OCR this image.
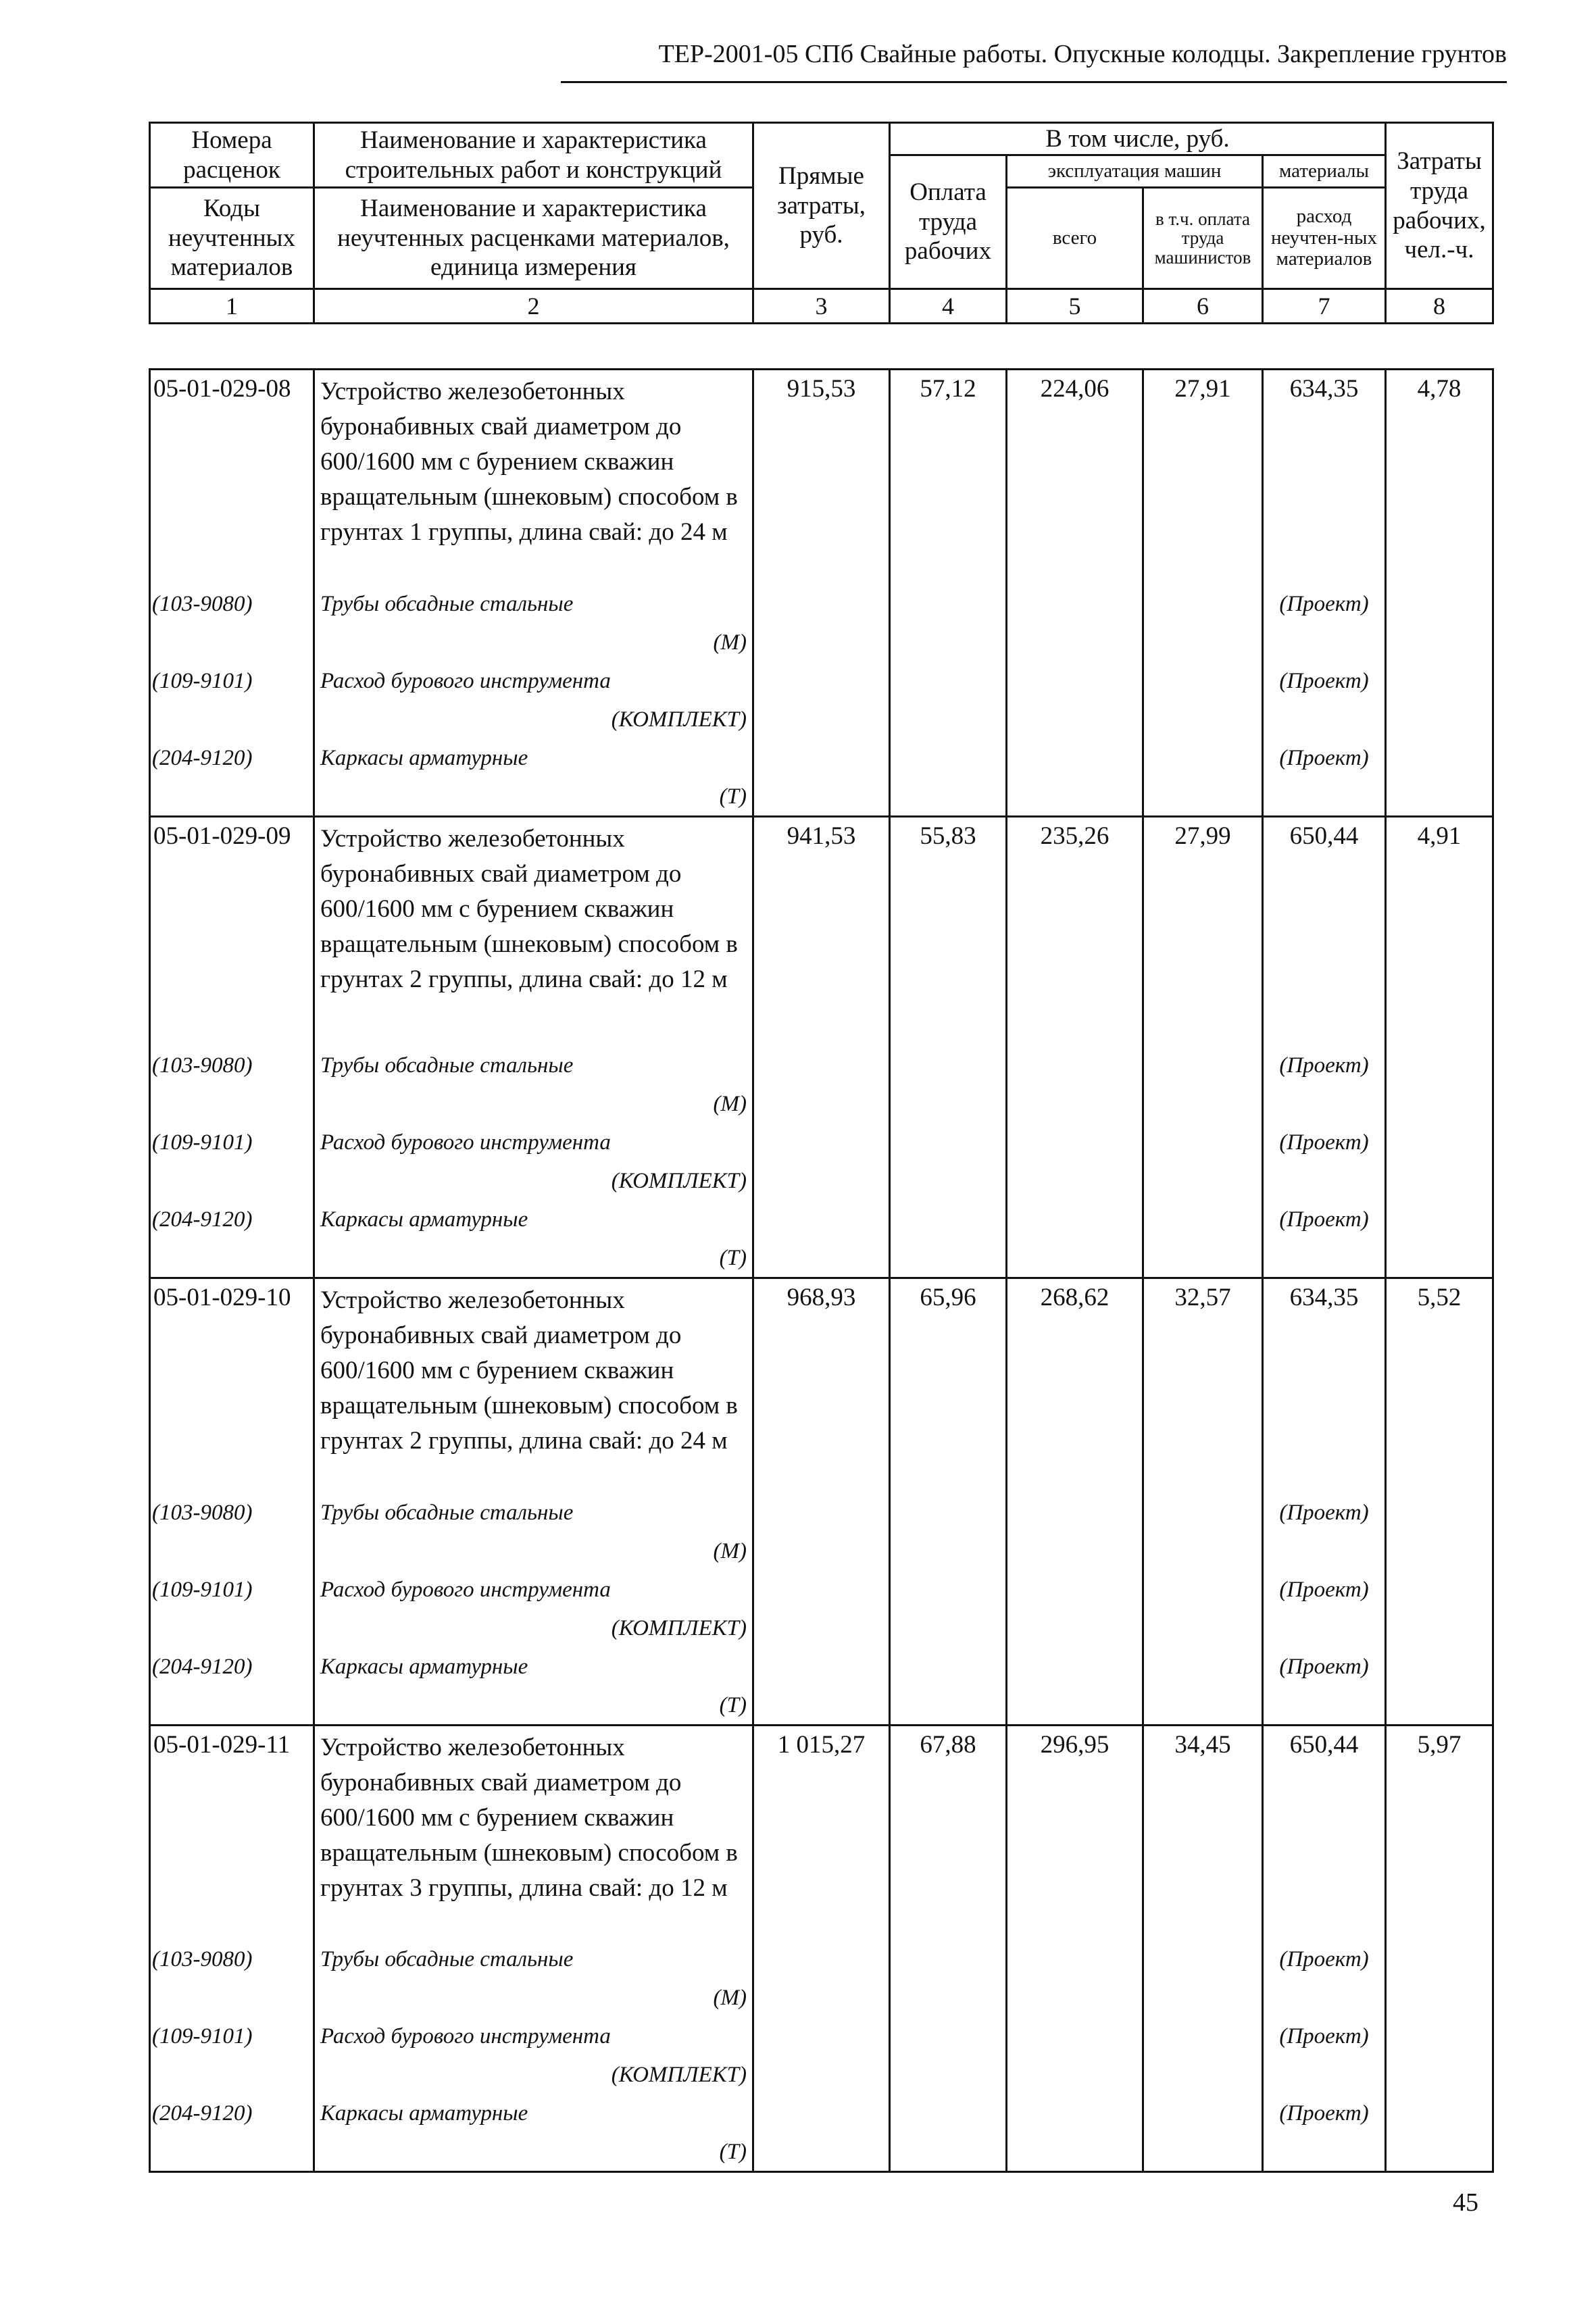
ТЕР-2001-05 СПб Свайные работы. Опускные колодцы. Закрепление грунтов
Номера расценок	Наименование и характеристика строительных работ и конструкций	Прямые затраты, руб.	В том числе, руб.				Затраты труда рабочих, чел.-ч.
			Оплата труда рабочих	эксплуатация машин		материалы	
Коды неучтенных материалов	Наименование и характеристика неучтенных расценками материалов, единица измерения			всего	в т.ч. оплата труда машинистов	расход неучтен-ных материалов	

1	2	3	4	5	6	7	8
05-01-029-08	Устройство железобетонных буронабивных свай диаметром до 600/1600 мм с бурением скважин вращательным (шнековым) способом в грунтах 1 группы, длина свай: до 24 м	915,53	57,12	224,06	27,91	634,35	4,78

(103-9080)	Трубы обсадные стальные
(М)					(Проект)	

(109-9101)	Расход бурового инструмента
(КОМПЛЕКТ)					(Проект)	

(204-9120)	Каркасы арматурные
(Т)					(Проект)	

05-01-029-09	Устройство железобетонных буронабивных свай диаметром до 600/1600 мм с бурением скважин вращательным (шнековым) способом в грунтах 2 группы, длина свай: до 12 м	941,53	55,83	235,26	27,99	650,44	4,91

(103-9080)	Трубы обсадные стальные
(М)					(Проект)	

(109-9101)	Расход бурового инструмента
(КОМПЛЕКТ)					(Проект)	

(204-9120)	Каркасы арматурные
(Т)					(Проект)	

05-01-029-10	Устройство железобетонных буронабивных свай диаметром до 600/1600 мм с бурением скважин вращательным (шнековым) способом в грунтах 2 группы, длина свай: до 24 м	968,93	65,96	268,62	32,57	634,35	5,52

(103-9080)	Трубы обсадные стальные
(М)					(Проект)	

(109-9101)	Расход бурового инструмента
(КОМПЛЕКТ)					(Проект)	

(204-9120)	Каркасы арматурные
(Т)					(Проект)	

05-01-029-11	Устройство железобетонных буронабивных свай диаметром до 600/1600 мм с бурением скважин вращательным (шнековым) способом в грунтах 3 группы, длина свай: до 12 м	1 015,27	67,88	296,95	34,45	650,44	5,97

(103-9080)	Трубы обсадные стальные
(М)					(Проект)	

(109-9101)	Расход бурового инструмента
(КОМПЛЕКТ)					(Проект)	

(204-9120)	Каркасы арматурные
(Т)					(Проект)	

45
